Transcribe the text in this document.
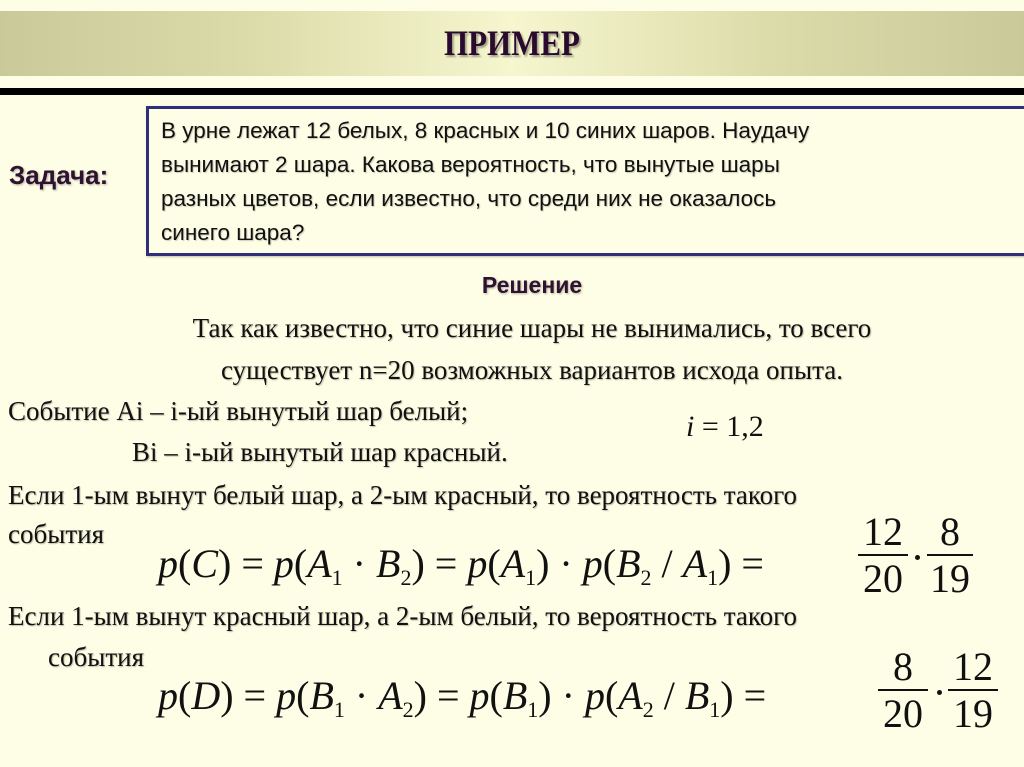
ПРИМЕР
Задача:
В урне лежат 12 белых, 8 красных и 10 синих шаров. Наудачу
вынимают 2 шара. Какова вероятность, что вынутые шары
разных цветов, если известно, что среди них не оказалось
синего шара?
Решение
Так как известно, что синие шары не вынимались, то всего
существует n=20 возможных вариантов исхода опыта.
Событие Ai – i-ый вынутый шар белый;
Bi – i-ый вынутый шар красный.
i = 1,2
Если 1-ым вынут белый шар, а 2-ым красный, то вероятность такого
события
$p(C) = p(A_1 \cdot B_2) = p(A_1) \cdot p(B_2 / A_1)$ =
12
20
8
19
Если 1-ым вынут красный шар, а 2-ым белый, то вероятность такого
события
$p(D) = p(B_1 \cdot A_2) = p(B_1) \cdot p(A_2 / B_1)$ =
8
20
12
19
